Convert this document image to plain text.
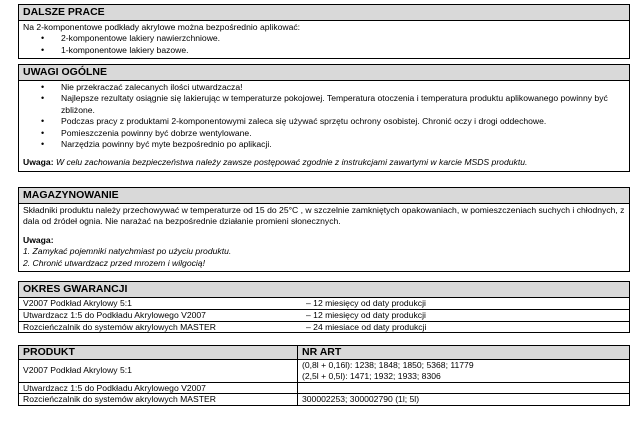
DALSZE PRACE
Na 2-komponentowe podkłady akrylowe można bezpośrednio aplikować:
• 2-komponentowe lakiery nawierzchniowe.
• 1-komponentowe lakiery bazowe.
UWAGI OGÓLNE
• Nie przekraczać zalecanych ilości utwardzacza!
• Najlepsze rezultaty osiągnie się lakierując w temperaturze pokojowej. Temperatura otoczenia i temperatura produktu aplikowanego powinny być zbliżone.
• Podczas pracy z produktami 2-komponentowymi zaleca się używać sprzętu ochrony osobistej. Chronić oczy i drogi oddechowe.
• Pomieszczenia powinny być dobrze wentylowane.
• Narzędzia powinny być myte bezpośrednio po aplikacji.
Uwaga: W celu zachowania bezpieczeństwa należy zawsze postępować zgodnie z instrukcjami zawartymi w karcie MSDS produktu.
MAGAZYNOWANIE
Składniki produktu należy przechowywać w temperaturze od 15 do 25°C , w szczelnie zamkniętych opakowaniach, w pomieszczeniach suchych i chłodnych, z dala od źródeł ognia. Nie narażać na bezpośrednie działanie promieni słonecznych.
Uwaga:
1. Zamykać pojemniki natychmiast po użyciu produktu.
2. Chronić utwardzacz przed mrozem i wilgocią!
OKRES GWARANCJI
V2007 Podkład Akrylowy 5:1	– 12 miesięcy od daty produkcji
Utwardzacz 1:5 do Podkładu Akrylowego V2007	– 12 miesięcy od daty produkcji
Rozcieńczalnik do systemów akrylowych MASTER	– 24 miesiace od daty produkcji
PRODUKT	NR ART
V2007 Podkład Akrylowy 5:1	(0,8l + 0,16l): 1238; 1848; 1850; 5368; 11779
(2,5l + 0,5l): 1471; 1932; 1933; 8306

Utwardzacz 1:5 do Podkładu Akrylowego V2007	
Rozcieńczalnik do systemów akrylowych MASTER	300002253; 300002790 (1l; 5l)
